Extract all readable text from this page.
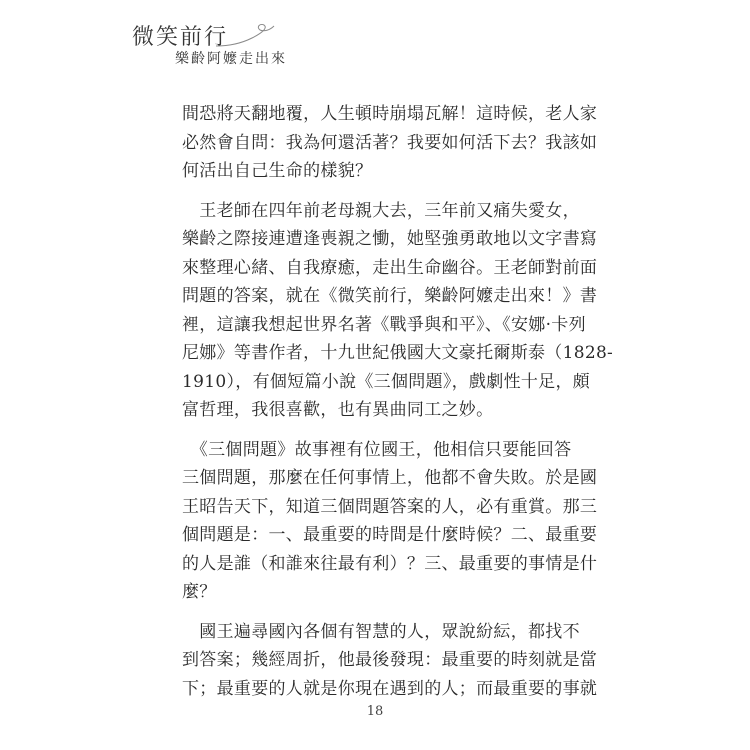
微笑前行
樂齡阿嬤走出來
間恐將天翻地覆，人生頓時崩塌瓦解！這時候，老人家
必然會自問：我為何還活著？我要如何活下去？我該如
何活出自己生命的樣貌？
　王老師在四年前老母親大去，三年前又痛失愛女，
樂齡之際接連遭逢喪親之慟，她堅強勇敢地以文字書寫
來整理心緒、自我療癒，走出生命幽谷。王老師對前面
問題的答案，就在《微笑前行，樂齡阿嬤走出來！》書
裡，這讓我想起世界名著《戰爭與和平》、《安娜·卡列
尼娜》等書作者，十九世紀俄國大文豪托爾斯泰（1828-
1910），有個短篇小說《三個問題》，戲劇性十足，頗
富哲理，我很喜歡，也有異曲同工之妙。
　《三個問題》故事裡有位國王，他相信只要能回答
三個問題，那麼在任何事情上，他都不會失敗。於是國
王昭告天下，知道三個問題答案的人，必有重賞。那三
個問題是：一、最重要的時間是什麼時候？二、最重要
的人是誰（和誰來往最有利）？三、最重要的事情是什
麼？
　國王遍尋國內各個有智慧的人，眾說紛紜，都找不
到答案；幾經周折，他最後發現：最重要的時刻就是當
下；最重要的人就是你現在遇到的人；而最重要的事就
18
